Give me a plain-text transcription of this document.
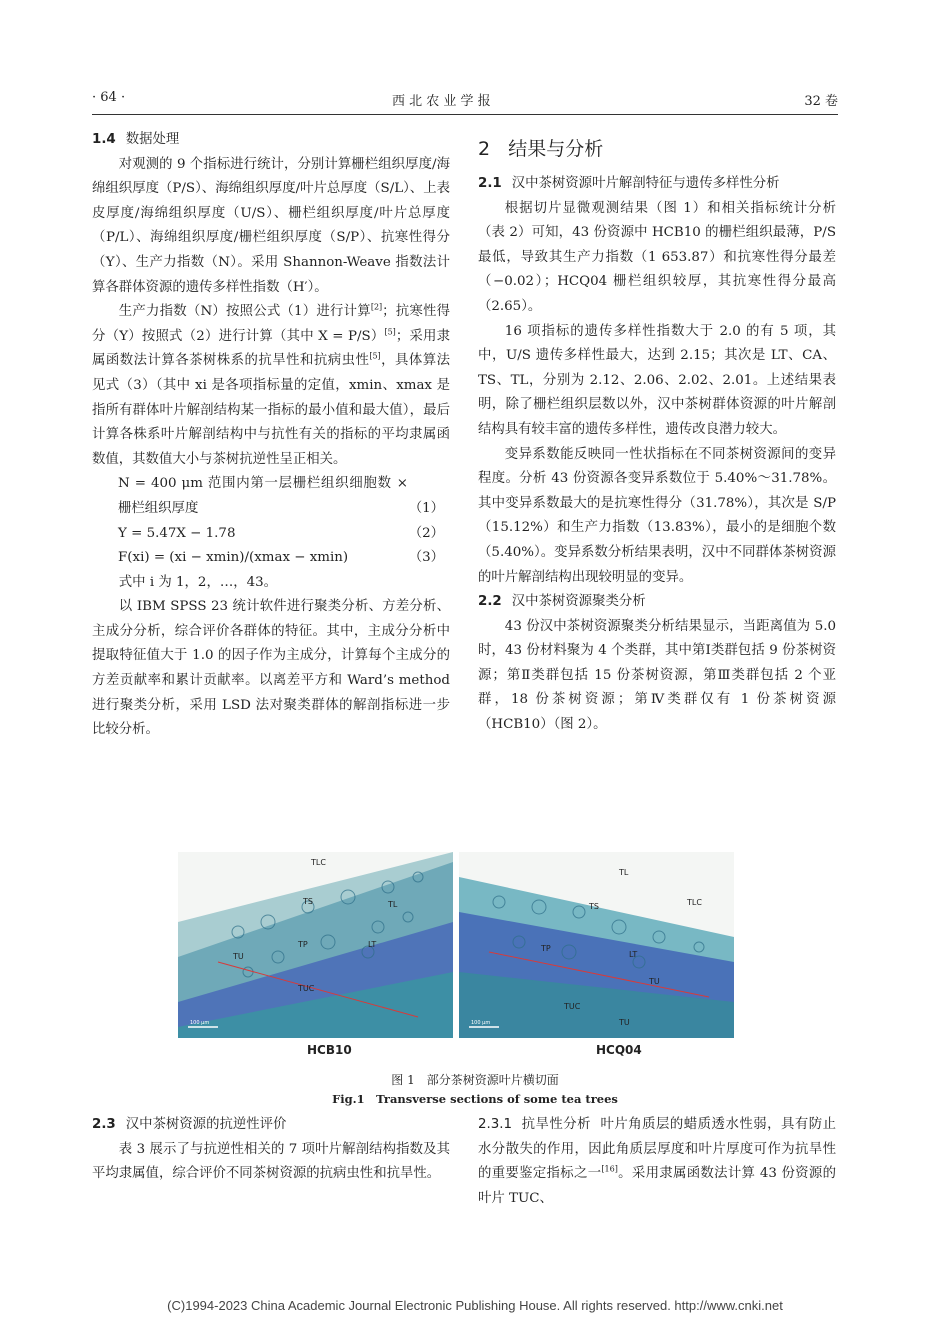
· 64 ·	西 北 农 业 学 报	32 卷

1.4 数据处理

对观测的 9 个指标进行统计，分别计算栅栏组织厚度/海绵组织厚度（P/S）、海绵组织厚度/叶片总厚度（S/L）、上表皮厚度/海绵组织厚度（U/S）、栅栏组织厚度/叶片总厚度（P/L）、海绵组织厚度/栅栏组织厚度（S/P）、抗寒性得分（Y）、生产力指数（N）。采用 Shannon-Weave 指数法计算各群体资源的遗传多样性指数（H′）。

生产力指数（N）按照公式（1）进行计算[2]；抗寒性得分（Y）按照式（2）进行计算（其中 X = P/S）[5]；采用隶属函数法计算各茶树株系的抗旱性和抗病虫性[5]，具体算法见式（3）（其中 xi 是各项指标量的定值，xmin、xmax 是指所有群体叶片解剖结构某一指标的最小值和最大值），最后计算各株系叶片解剖结构中与抗性有关的指标的平均隶属函数值，其数值大小与茶树抗逆性呈正相关。

N = 400 μm 范围内第一层栅栏组织细胞数 × 栅栏组织厚度	（1）

Y = 5.47X − 1.78	（2）

F(xi) = (xi − xmin)/(xmax − xmin)	（3）

式中 i 为 1，2，…，43。

以 IBM SPSS 23 统计软件进行聚类分析、方差分析、主成分分析，综合评价各群体的特征。其中，主成分分析中提取特征值大于 1.0 的因子作为主成分，计算每个主成分的方差贡献率和累计贡献率。以离差平方和 Ward’s method 进行聚类分析，采用 LSD 法对聚类群体的解剖指标进一步比较分析。

2 结果与分析

2.1 汉中茶树资源叶片解剖特征与遗传多样性分析

根据切片显微观测结果（图 1）和相关指标统计分析（表 2）可知，43 份资源中 HCB10 的栅栏组织最薄，P/S 最低，导致其生产力指数（1 653.87）和抗寒性得分最差（−0.02）；HCQ04 栅栏组织较厚，其抗寒性得分最高（2.65）。

16 项指标的遗传多样性指数大于 2.0 的有 5 项，其中，U/S 遗传多样性最大，达到 2.15；其次是 LT、CA、TS、TL，分别为 2.12、2.06、2.02、2.01。上述结果表明，除了栅栏组织层数以外，汉中茶树群体资源的叶片解剖结构具有较丰富的遗传多样性，遗传改良潜力较大。

变异系数能反映同一性状指标在不同茶树资源间的变异程度。分析 43 份资源各变异系数位于 5.40%～31.78%。其中变异系数最大的是抗寒性得分（31.78%），其次是 S/P（15.12%）和生产力指数（13.83%），最小的是细胞个数（5.40%）。变异系数分析结果表明，汉中不同群体茶树资源的叶片解剖结构出现较明显的变异。

2.2 汉中茶树资源聚类分析

43 份汉中茶树资源聚类分析结果显示，当距离值为 5.0 时，43 份材料聚为 4 个类群，其中第Ⅰ类群包括 9 份茶树资源；第Ⅱ类群包括 15 份茶树资源，第Ⅲ类群包括 2 个亚群，18 份茶树资源；第Ⅳ类群仅有 1 份茶树资源（HCB10）（图 2）。

TLC
TS	TL
TP	LT
TU
TUC
100 μm
TL
TS	TLC
TP
LT
TU
TUC
TU
100 μm
HCB10	HCQ04
图 1　部分茶树资源叶片横切面
Fig.1　Transverse sections of some tea trees

2.3 汉中茶树资源的抗逆性评价

表 3 展示了与抗逆性相关的 7 项叶片解剖结构指数及其平均隶属值，综合评价不同茶树资源的抗病虫性和抗旱性。

2.3.1 抗旱性分析 叶片角质层的蜡质透水性弱，具有防止水分散失的作用，因此角质层厚度和叶片厚度可作为抗旱性的重要鉴定指标之一[16]。采用隶属函数法计算 43 份资源的叶片 TUC、

(C)1994-2023 China Academic Journal Electronic Publishing House. All rights reserved. http://www.cnki.net
